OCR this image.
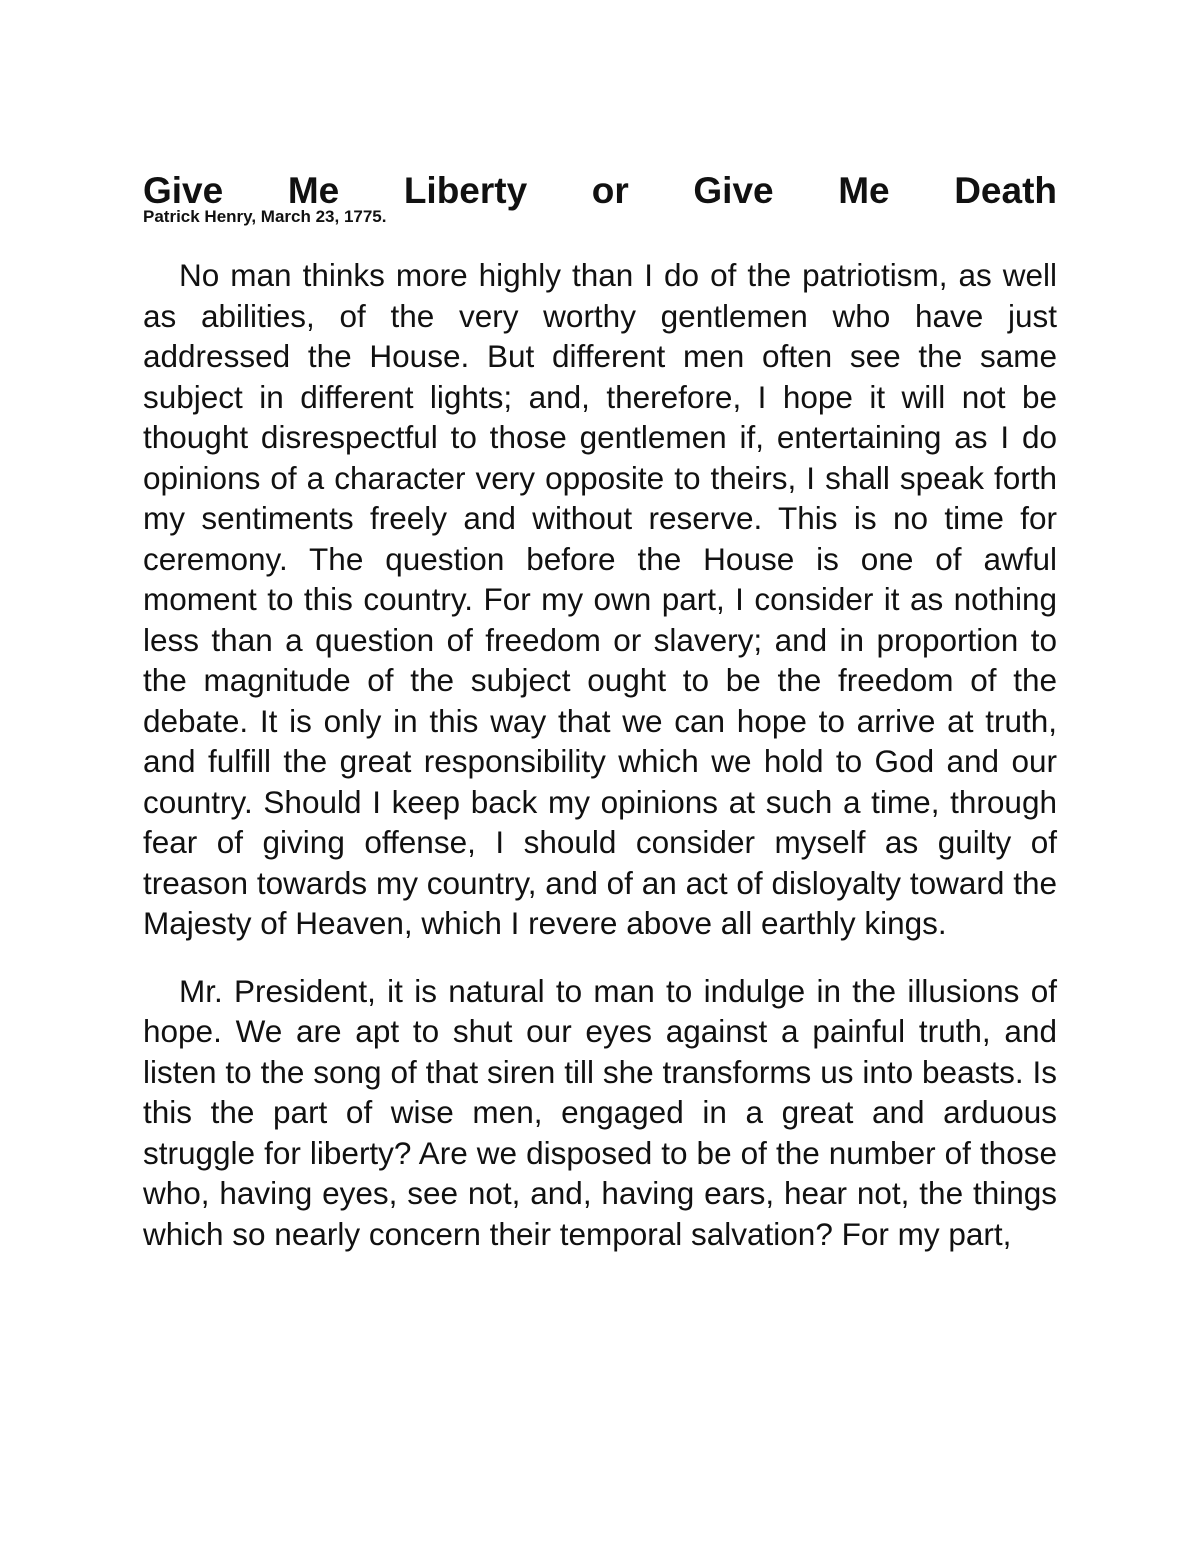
Give Me Liberty or Give Me Death
Patrick Henry, March 23, 1775.

No man thinks more highly than I do of the patriotism, as well as abilities, of the very worthy gentlemen who have just addressed the House. But different men often see the same subject in different lights; and, therefore, I hope it will not be thought disrespectful to those gentlemen if, entertaining as I do opinions of a character very opposite to theirs, I shall speak forth my sentiments freely and without reserve. This is no time for ceremony. The question before the House is one of awful moment to this country. For my own part, I consider it as nothing less than a question of freedom or slavery; and in proportion to the magnitude of the subject ought to be the freedom of the debate. It is only in this way that we can hope to arrive at truth, and fulfill the great responsibility which we hold to God and our country. Should I keep back my opinions at such a time, through fear of giving offense, I should consider myself as guilty of treason towards my country, and of an act of disloyalty toward the Majesty of Heaven, which I revere above all earthly kings.

Mr. President, it is natural to man to indulge in the illusions of hope. We are apt to shut our eyes against a painful truth, and listen to the song of that siren till she transforms us into beasts. Is this the part of wise men, engaged in a great and arduous struggle for liberty? Are we disposed to be of the number of those who, having eyes, see not, and, having ears, hear not, the things which so nearly concern their temporal salvation? For my part,
